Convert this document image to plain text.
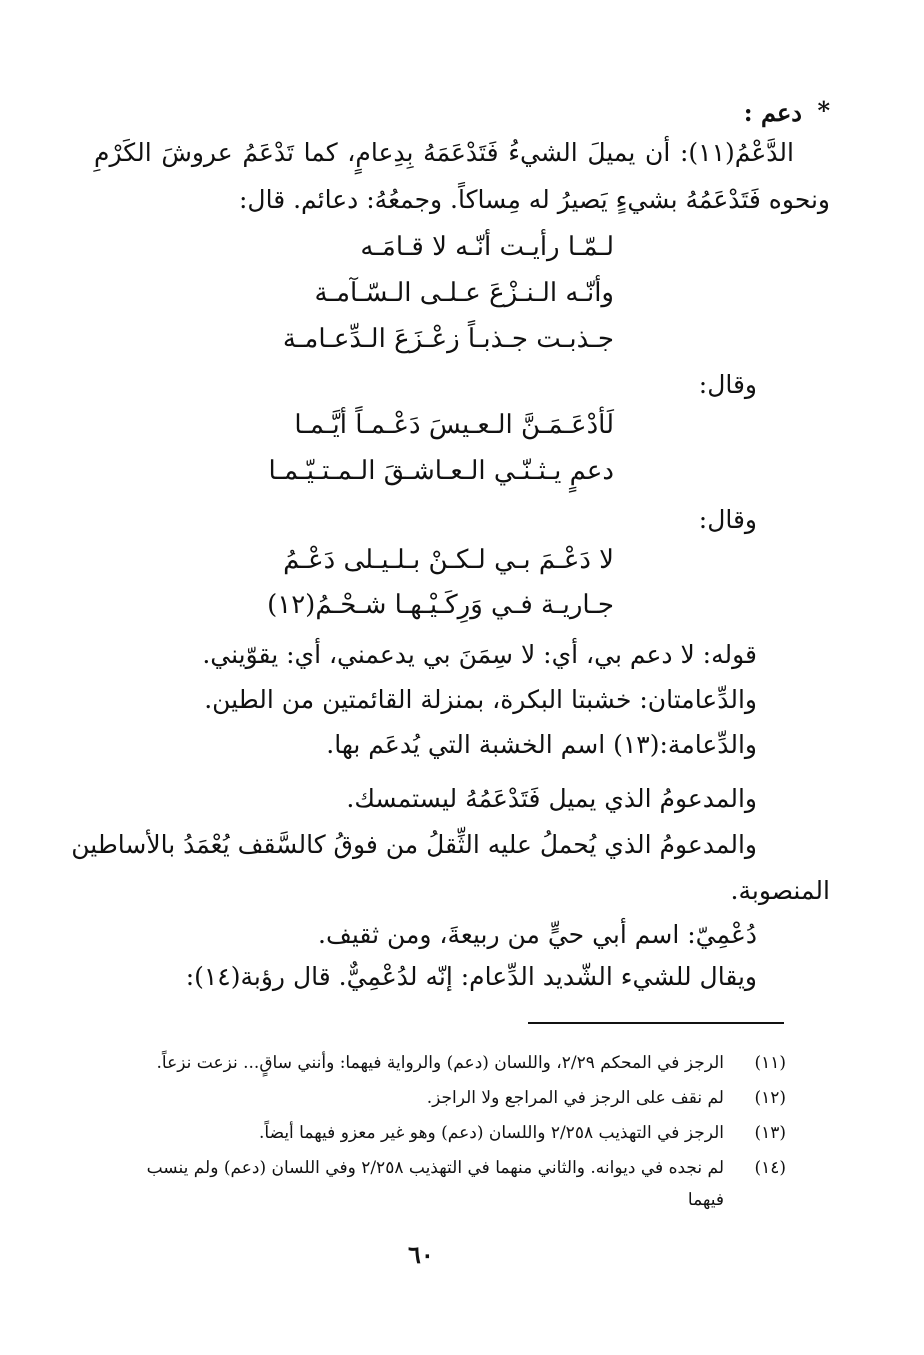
*
دعم :
الدَّعْمُ(١١): أن يميلَ الشيءُ فَتَدْعَمَهُ بِدِعامٍ، كما تَدْعَمُ عروشَ الكَرْمِ
ونحوه فَتَدْعَمُهُ بشيءٍ يَصيرُ له مِساكاً. وجمعُهُ: دعائم. قال:
لـمّـا رأيـت أنّـه لا قـامَـه
وأنّـه الـنـزْعَ عـلـى الـسّـآمـة
جـذبـت جـذبـاً زعْـزَعَ الـدِّعـامـة
وقال:
لَأدْعَـمَـنَّ الـعـيسَ دَعْـمـاً أيَّـمـا
دعمٍ يـثـنّـي الـعـاشـقَ الـمـتـيّـمـا
وقال:
لا دَعْـمَ بـي لـكـنْ بـلـيـلى دَعْـمُ
جـاريـة فـي وَرِكَـيْـهـا شـحْـمُ(١٢)
قوله: لا دعم بي، أي: لا سِمَنَ بي يدعمني، أي: يقوّيني.
والدِّعامتان: خشبتا البكرة، بمنزلة القائمتين من الطين.
والدِّعامة:(١٣) اسم الخشبة التي يُدعَم بها.
والمدعومُ الذي يميل فَتَدْعَمُهُ ليستمسك.
والمدعومُ الذي يُحملُ عليه الثِّقلُ من فوقُ كالسَّقف يُعْمَدُ بالأساطين
المنصوبة.
دُعْمِيّ: اسم أبي حيٍّ من ربيعةَ، ومن ثقيف.
ويقال للشيء الشّديد الدِّعام: إنّه لدُعْمِيٌّ. قال رؤبة(١٤):
(١١)
الرجز في المحكم ٢/٢٩، واللسان (دعم) والرواية فيهما: وأنني ساقٍ... نزعت نزعاً.
(١٢)
لم نقف على الرجز في المراجع ولا الراجز.
(١٣)
الرجز في التهذيب ٢/٢٥٨ واللسان (دعم) وهو غير معزو فيهما أيضاً.
(١٤)
لم نجده في ديوانه. والثاني منهما في التهذيب ٢/٢٥٨ وفي اللسان (دعم) ولم ينسب
فيهما
٦٠
